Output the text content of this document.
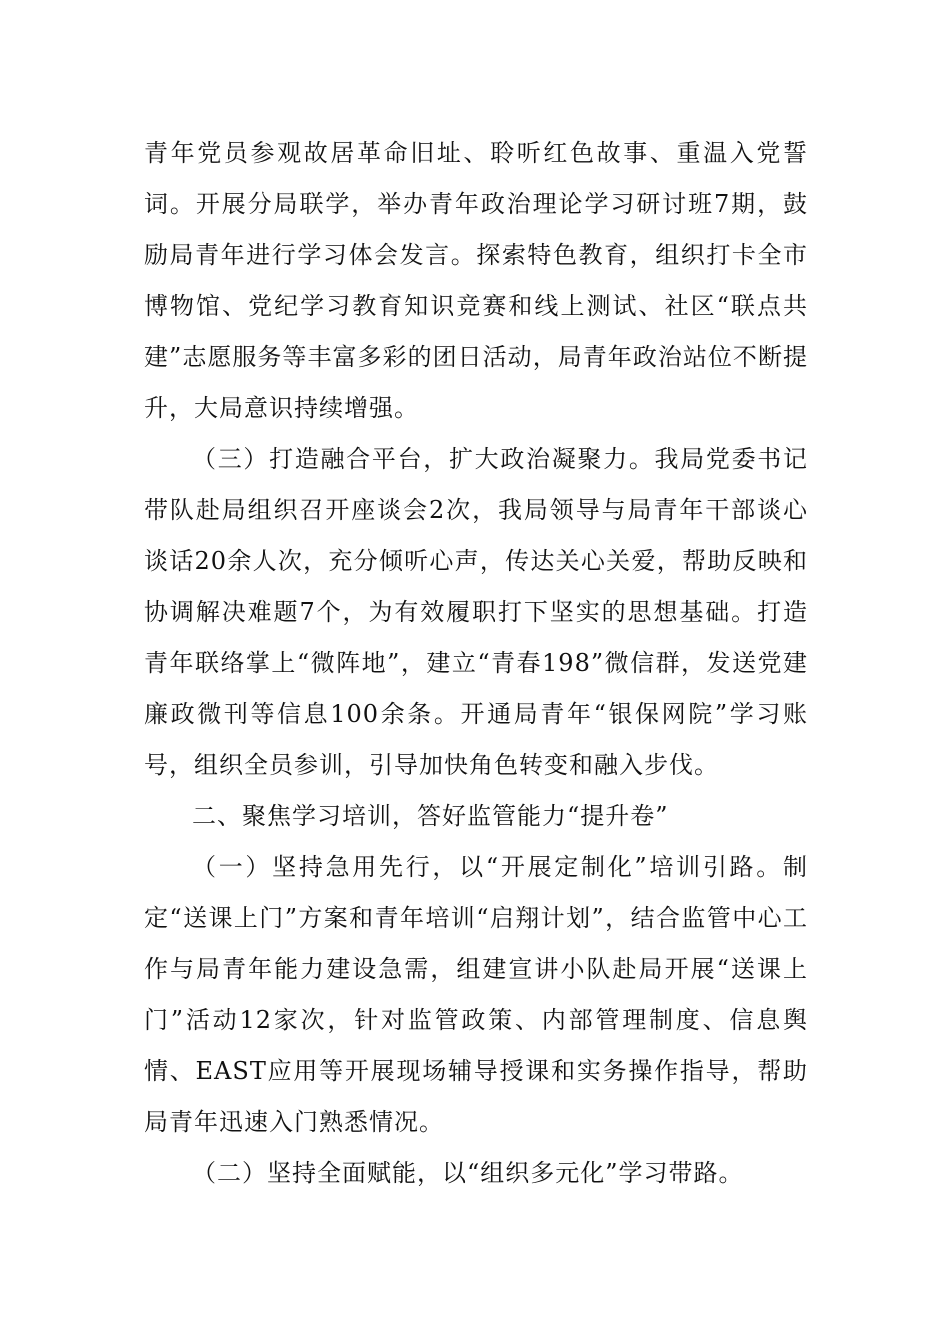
青年党员参观故居革命旧址、聆听红色故事、重温入党誓词。开展分局联学，举办青年政治理论学习研讨班7期，鼓励局青年进行学习体会发言。探索特色教育，组织打卡全市博物馆、党纪学习教育知识竞赛和线上测试、社区“联点共建”志愿服务等丰富多彩的团日活动，局青年政治站位不断提升，大局意识持续增强。

（三）打造融合平台，扩大政治凝聚力。我局党委书记带队赴局组织召开座谈会2次，我局领导与局青年干部谈心谈话20余人次，充分倾听心声，传达关心关爱，帮助反映和协调解决难题7个，为有效履职打下坚实的思想基础。打造青年联络掌上“微阵地”，建立“青春198”微信群，发送党建廉政微刊等信息100余条。开通局青年“银保网院”学习账号，组织全员参训，引导加快角色转变和融入步伐。

二、聚焦学习培训，答好监管能力“提升卷”

（一）坚持急用先行，以“开展定制化”培训引路。制定“送课上门”方案和青年培训“启翔计划”，结合监管中心工作与局青年能力建设急需，组建宣讲小队赴局开展“送课上门”活动12家次，针对监管政策、内部管理制度、信息舆情、EAST应用等开展现场辅导授课和实务操作指导，帮助局青年迅速入门熟悉情况。

（二）坚持全面赋能，以“组织多元化”学习带路。
